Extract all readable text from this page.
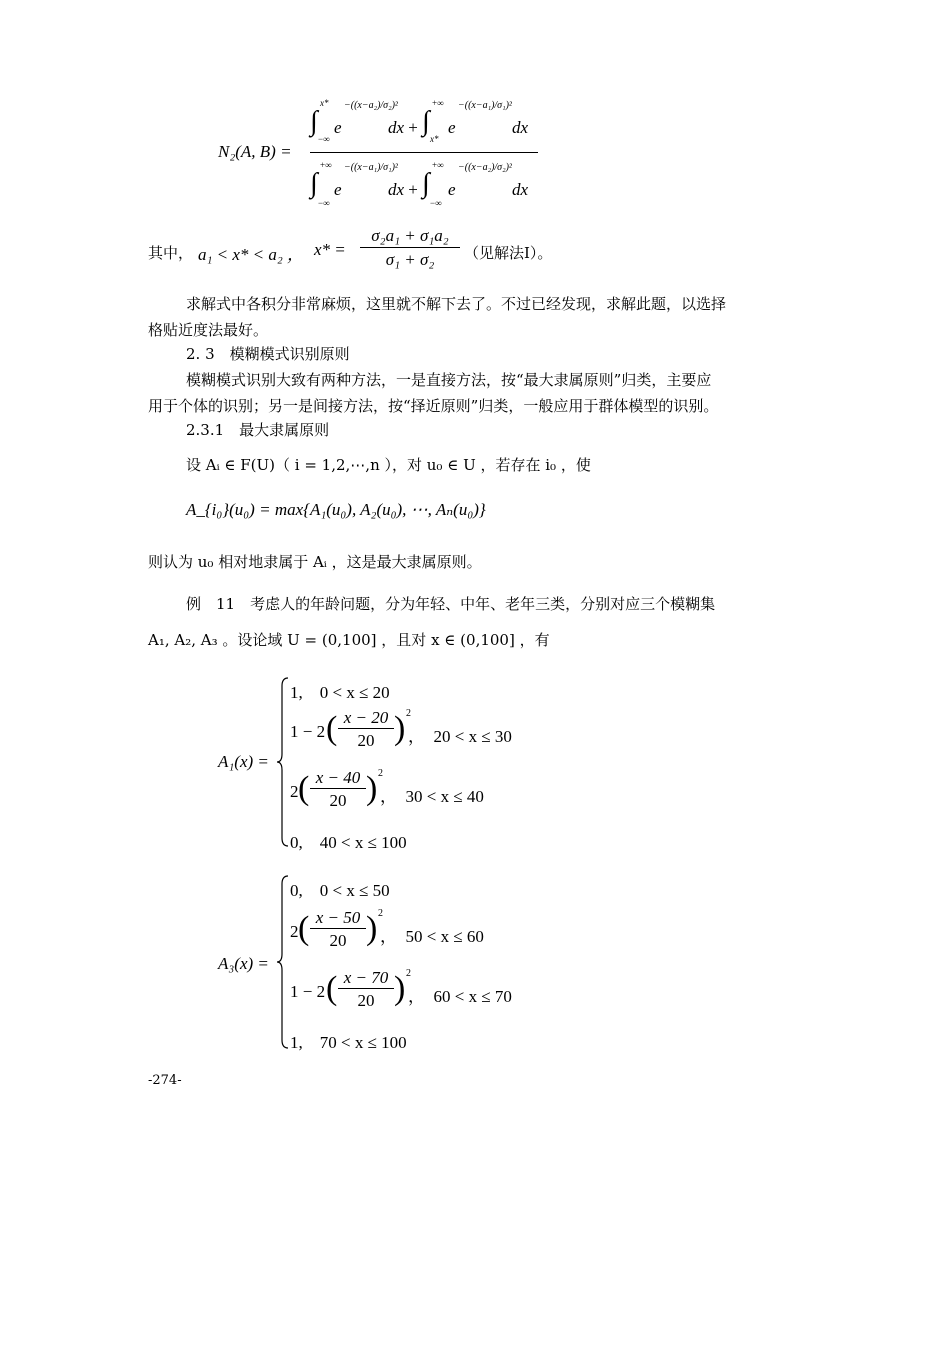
N₂(A, B) =
∫
x*
−∞
e
−((x−a₂)/σ₂)²
dx + ∫
+∞
x*
e
−((x−a₁)/σ₁)²
dx
∫
+∞
−∞
e
−((x−a₁)/σ₁)²
dx + ∫
+∞
−∞
e
−((x−a₂)/σ₂)²
dx
其中， a₁ < x* < a₂ ， $x* = \frac{\text{σ₂a₁ + σ₁a₂}}{\text{σ₁ + σ₂}}$ （见解法Ⅰ）。
求解式中各积分非常麻烦，这里就不解下去了。不过已经发现，求解此题，以选择
格贴近度法最好。
2. 3　模糊模式识别原则
模糊模式识别大致有两种方法，一是直接方法，按“最大隶属原则”归类，主要应
用于个体的识别；另一是间接方法，按“择近原则”归类，一般应用于群体模型的识别。
2.3.1　最大隶属原则
设 Aᵢ ∈ F(U)（ i = 1,2,⋯,n ），对 u₀ ∈ U ，若存在 i₀ ，使
A_{i₀}(u₀) = max{A₁(u₀), A₂(u₀), ⋯, Aₙ(u₀)}
则认为 u₀ 相对地隶属于 Aᵢ ，这是最大隶属原则。
例　11　考虑人的年龄问题，分为年轻、中年、老年三类，分别对应三个模糊集
A₁, A₂, A₃ 。设论域 U = (0,100] ，且对 x ∈ (0,100] ，有
A₁(x) =
1,　0 < x ≤ 20
1 − 2 ( $\frac{x - 20}{20}$ ) 2
，　20 < x ≤ 30
2 ( $\frac{x - 40}{20}$ ) 2
，　30 < x ≤ 40
0,　40 < x ≤ 100
A₃(x) =
0,　0 < x ≤ 50
2 ( $\frac{x - 50}{20}$ ) 2
，　50 < x ≤ 60
1 − 2 ( $\frac{x - 70}{20}$ ) 2
，　60 < x ≤ 70
1,　70 < x ≤ 100
-274-
